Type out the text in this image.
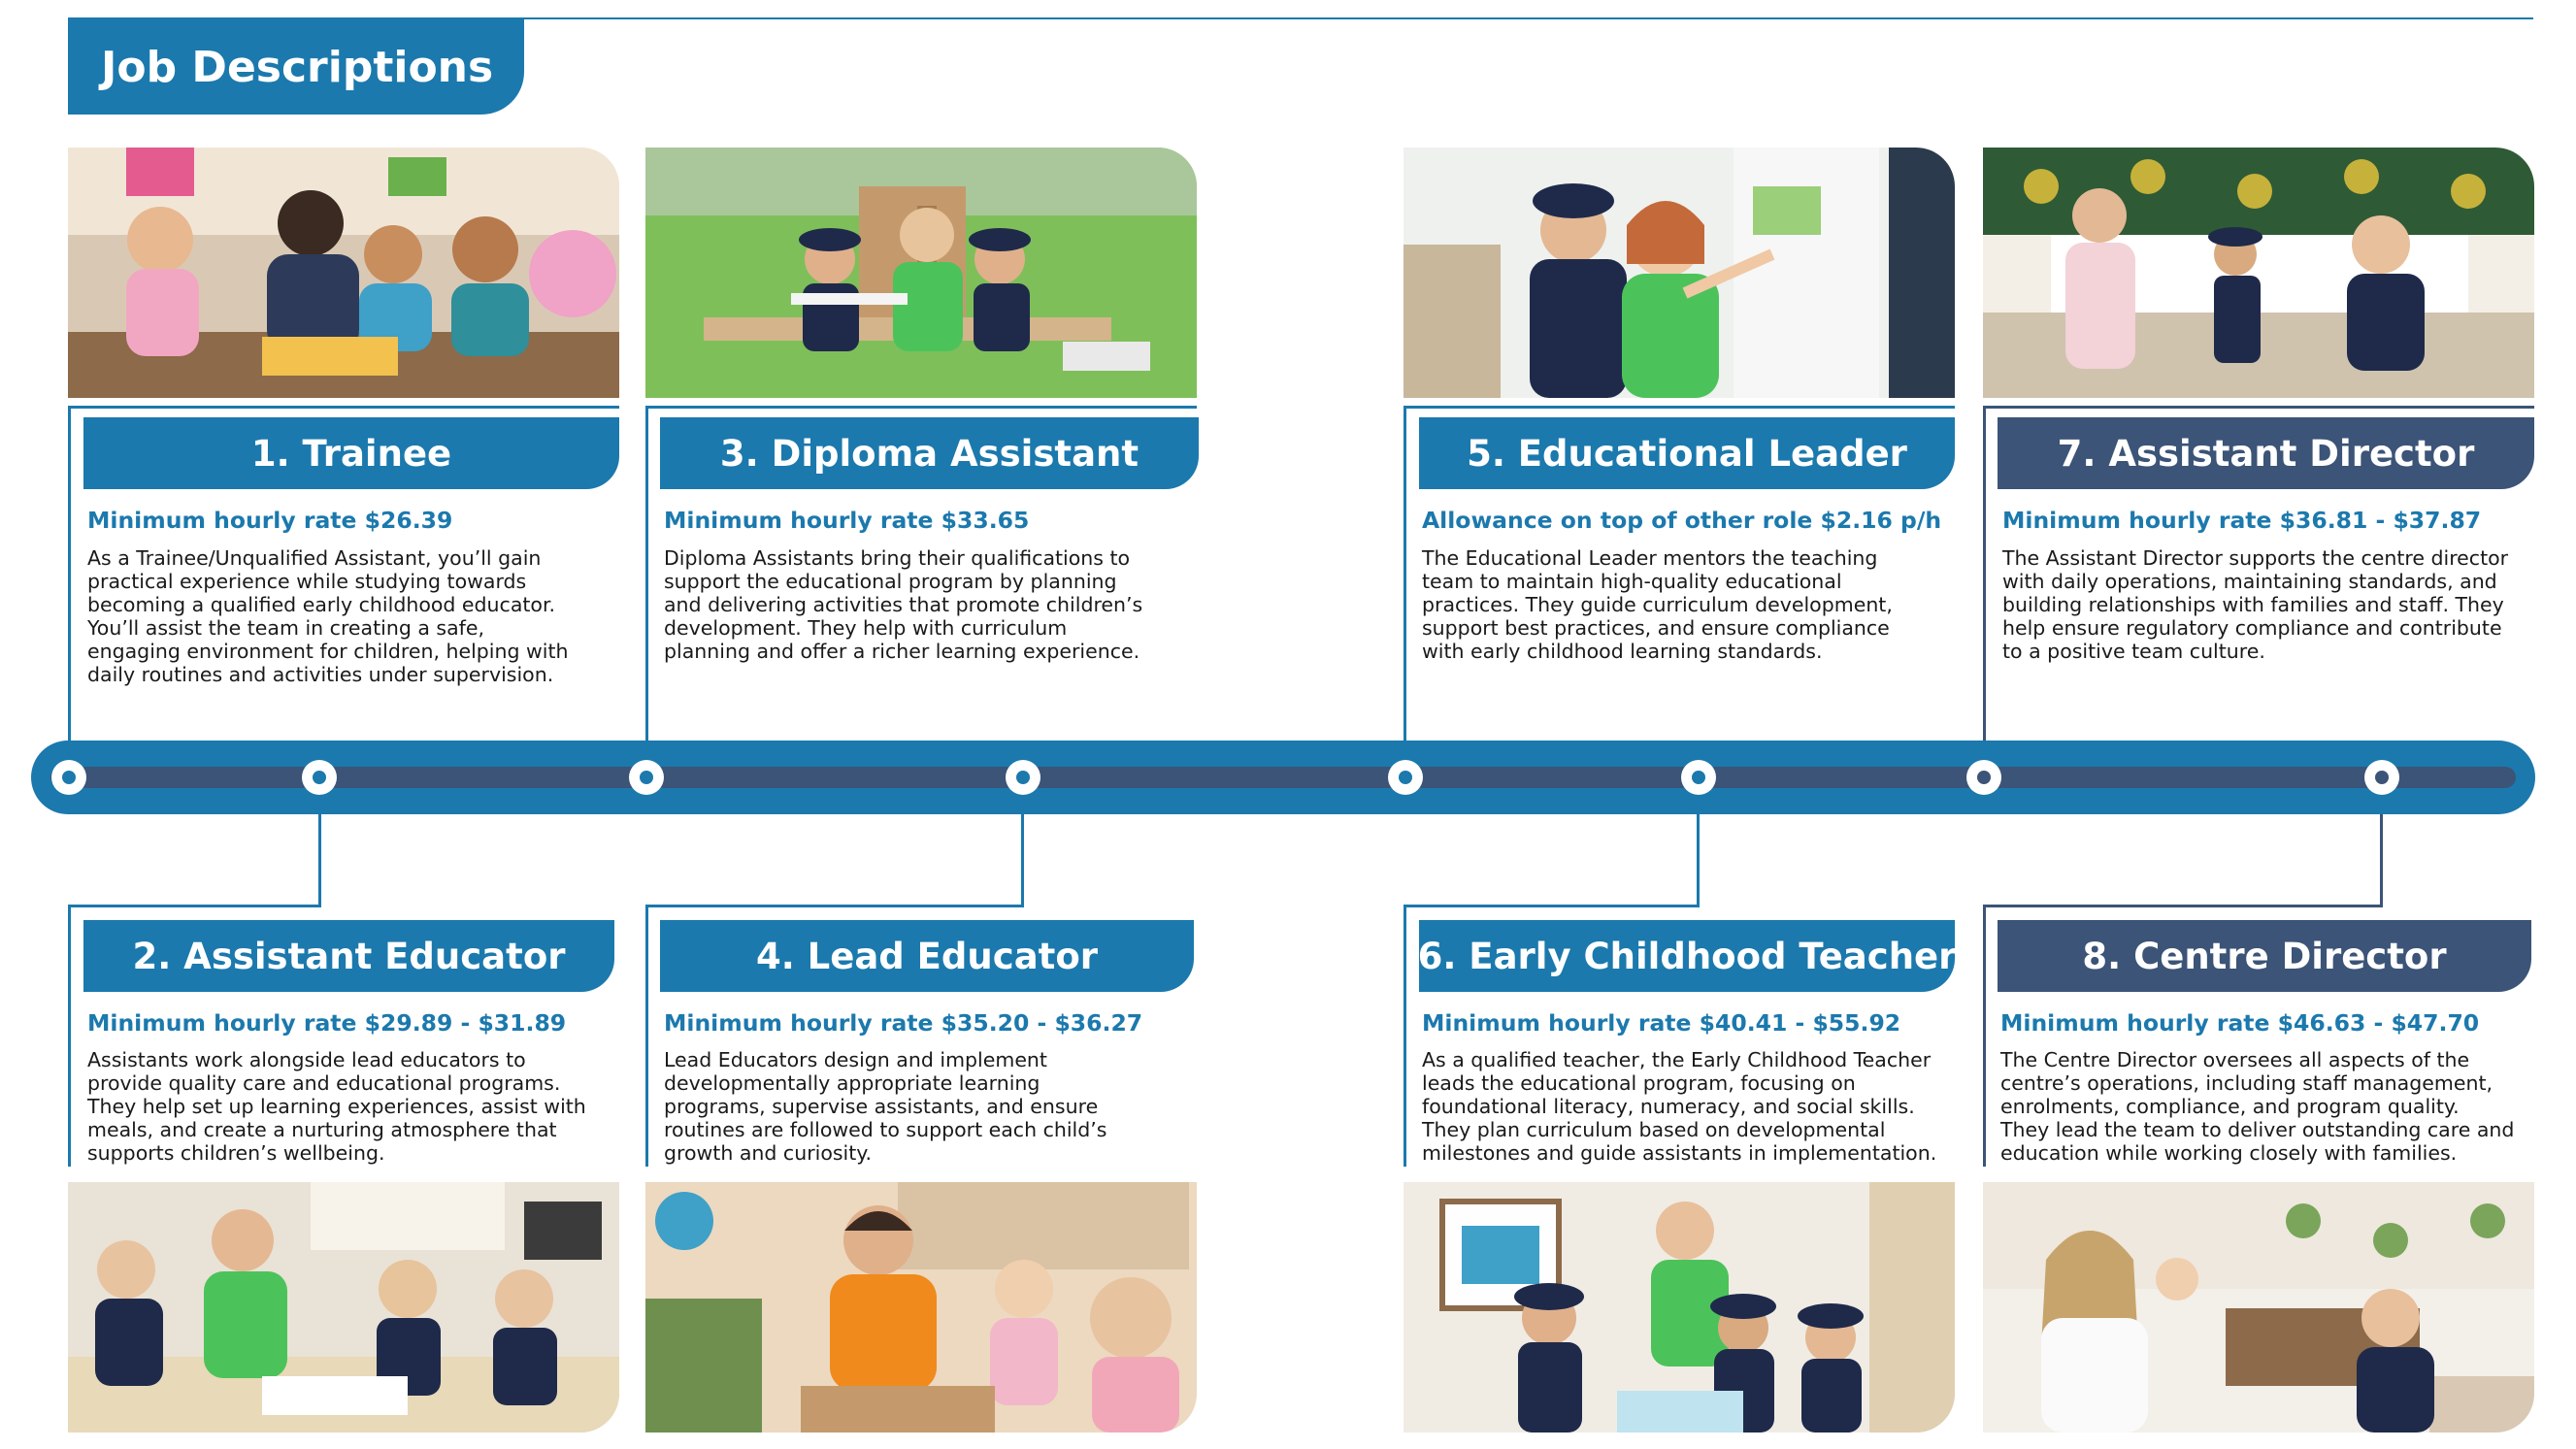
Job Descriptions
1. Trainee
Minimum hourly rate $26.39
As a Trainee/Unqualified Assistant, you’ll gain
practical experience while studying towards
becoming a qualified early childhood educator.
You’ll assist the team in creating a safe,
engaging environment for children, helping with
daily routines and activities under supervision.
3. Diploma Assistant
Minimum hourly rate $33.65
Diploma Assistants bring their qualifications to
support the educational program by planning
and delivering activities that promote children’s
development. They help with curriculum
planning and offer a richer learning experience.
5. Educational Leader
Allowance on top of other role $2.16 p/h
The Educational Leader mentors the teaching
team to maintain high-quality educational
practices. They guide curriculum development,
support best practices, and ensure compliance
with early childhood learning standards.
7. Assistant Director
Minimum hourly rate $36.81 - $37.87
The Assistant Director supports the centre director
with daily operations, maintaining standards, and
building relationships with families and staff. They
help ensure regulatory compliance and contribute
to a positive team culture.
2. Assistant Educator
Minimum hourly rate $29.89 - $31.89
Assistants work alongside lead educators to
provide quality care and educational programs.
They help set up learning experiences, assist with
meals, and create a nurturing atmosphere that
supports children’s wellbeing.
4. Lead Educator
Minimum hourly rate $35.20 - $36.27
Lead Educators design and implement
developmentally appropriate learning
programs, supervise assistants, and ensure
routines are followed to support each child’s
growth and curiosity.
6. Early Childhood Teacher
Minimum hourly rate $40.41 - $55.92
As a qualified teacher, the Early Childhood Teacher
leads the educational program, focusing on
foundational literacy, numeracy, and social skills.
They plan curriculum based on developmental
milestones and guide assistants in implementation.
8. Centre Director
Minimum hourly rate $46.63 - $47.70
The Centre Director oversees all aspects of the
centre’s operations, including staff management,
enrolments, compliance, and program quality.
They lead the team to deliver outstanding care and
education while working closely with families.
